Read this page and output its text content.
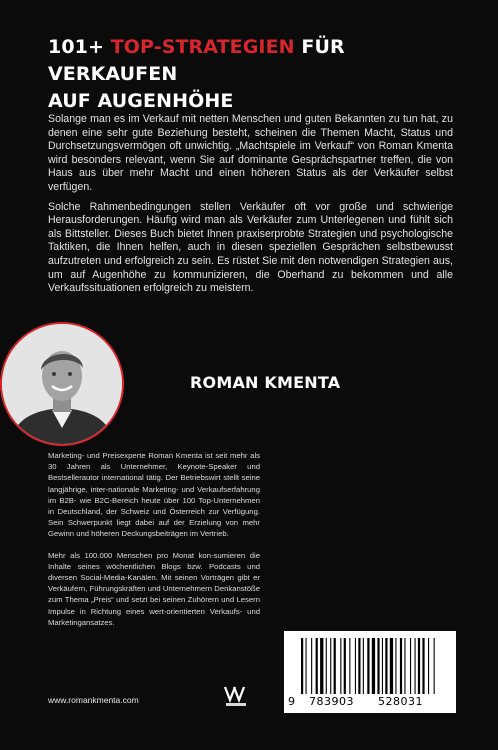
101+ TOP-STRATEGIEN FÜR VERKAUFEN
AUF AUGENHÖHE

Solange man es im Verkauf mit netten Menschen und guten Bekannten zu tun hat, zu denen eine sehr gute Beziehung besteht, scheinen die Themen Macht, Status und Durchsetzungsvermögen oft unwichtig. „Machtspiele im Verkauf“ von Roman Kmenta wird besonders relevant, wenn Sie auf dominante Gesprächspartner treffen, die von Haus aus über mehr Macht und einen höheren Status als der Verkäufer selbst verfügen.

Solche Rahmenbedingungen stellen Verkäufer oft vor große und schwierige Herausforderungen. Häufig wird man als Verkäufer zum Unterlegenen und fühlt sich als Bittsteller. Dieses Buch bietet Ihnen praxiserprobte Strategien und psychologische Taktiken, die Ihnen helfen, auch in diesen speziellen Gesprächen selbstbewusst aufzutreten und erfolgreich zu sein. Es rüstet Sie mit den notwendigen Strategien aus, um auf Augenhöhe zu kommunizieren, die Oberhand zu bekommen und alle Verkaufssituationen erfolgreich zu meistern.

ROMAN KMENTA

Marketing- und Preisexperte Roman Kmenta ist seit mehr als 30 Jahren als Unternehmer, Keynote-Speaker und Bestsellerautor international tätig. Der Betriebswirt stellt seine langjährige, inter-nationale Marketing- und Verkaufserfahrung im B2B- wie B2C-Bereich heute über 100 Top-Unternehmen in Deutschland, der Schweiz und Österreich zur Verfügung. Sein Schwerpunkt liegt dabei auf der Erzielung von mehr Gewinn und höheren Deckungsbeiträgen im Vertrieb.

Mehr als 100.000 Menschen pro Monat kon-sumieren die Inhalte seines wöchentlichen Blogs bzw. Podcasts und diversen Social-Media-Kanälen. Mit seinen Vorträgen gibt er Verkäufern, Führungskräften und Unternehmern Denkanstöße zum Thema „Preis“ und setzt bei seinen Zuhörern und Lesern Impulse in Richtung eines wert-orientierten Verkaufs- und Marketingansatzes.

www.romankmenta.com	9 783903 528031
